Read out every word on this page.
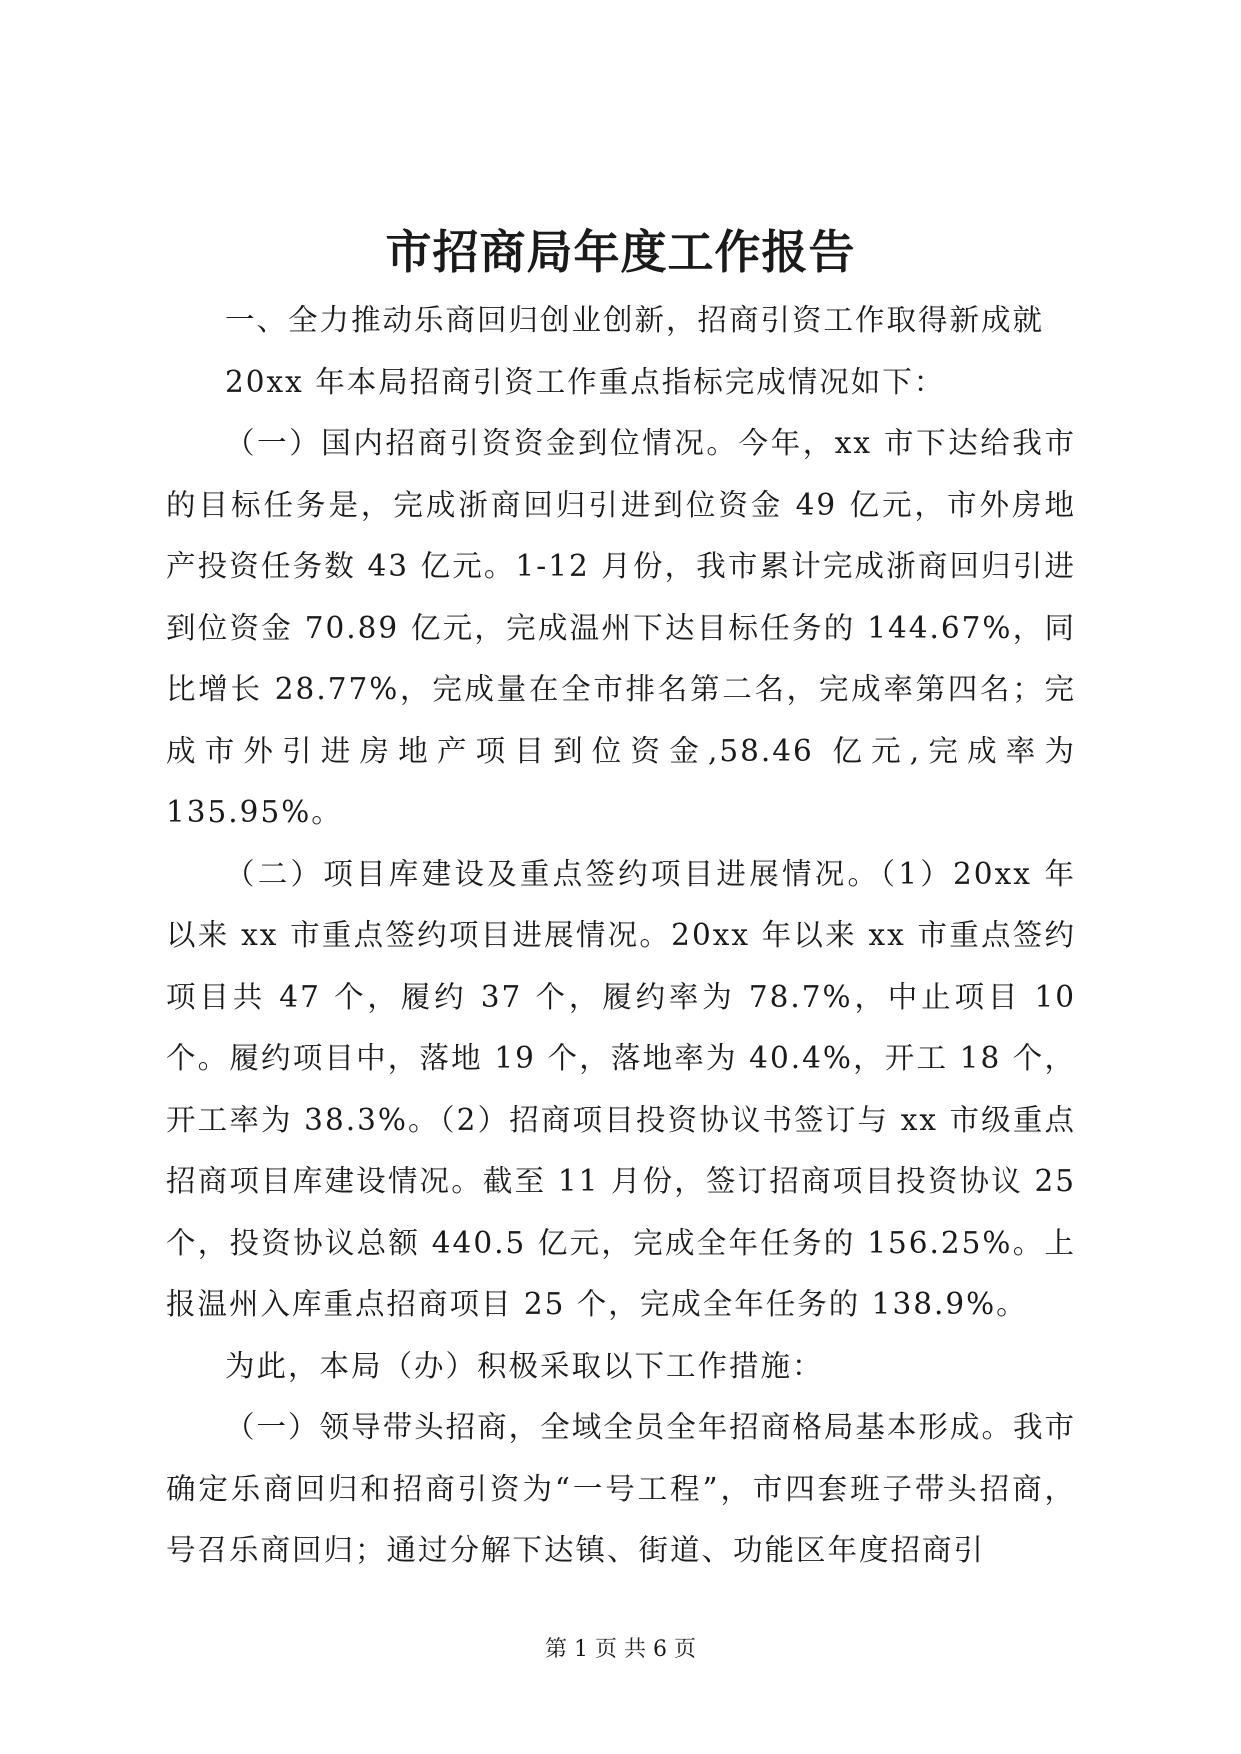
市招商局年度工作报告

一、全力推动乐商回归创业创新，招商引资工作取得新成就

20xx 年本局招商引资工作重点指标完成情况如下：

（一）国内招商引资资金到位情况。今年，xx 市下达给我市的目标任务是，完成浙商回归引进到位资金 49 亿元，市外房地产投资任务数 43 亿元。1-12 月份，我市累计完成浙商回归引进到位资金 70.89 亿元，完成温州下达目标任务的 144.67%，同比增长 28.77%，完成量在全市排名第二名，完成率第四名；完成市外引进房地产项目到位资金,58.46 亿元,完成率为 135.95%。

（二）项目库建设及重点签约项目进展情况。（1）20xx 年以来 xx 市重点签约项目进展情况。20xx 年以来 xx 市重点签约项目共 47 个，履约 37 个，履约率为 78.7%，中止项目 10 个。履约项目中，落地 19 个，落地率为 40.4%，开工 18 个，开工率为 38.3%。（2）招商项目投资协议书签订与 xx 市级重点招商项目库建设情况。截至 11 月份，签订招商项目投资协议 25 个，投资协议总额 440.5 亿元，完成全年任务的 156.25%。上报温州入库重点招商项目 25 个，完成全年任务的 138.9%。

为此，本局（办）积极采取以下工作措施：

（一）领导带头招商，全域全员全年招商格局基本形成。我市确定乐商回归和招商引资为“一号工程”，市四套班子带头招商，号召乐商回归；通过分解下达镇、街道、功能区年度招商引

第 1 页 共 6 页
